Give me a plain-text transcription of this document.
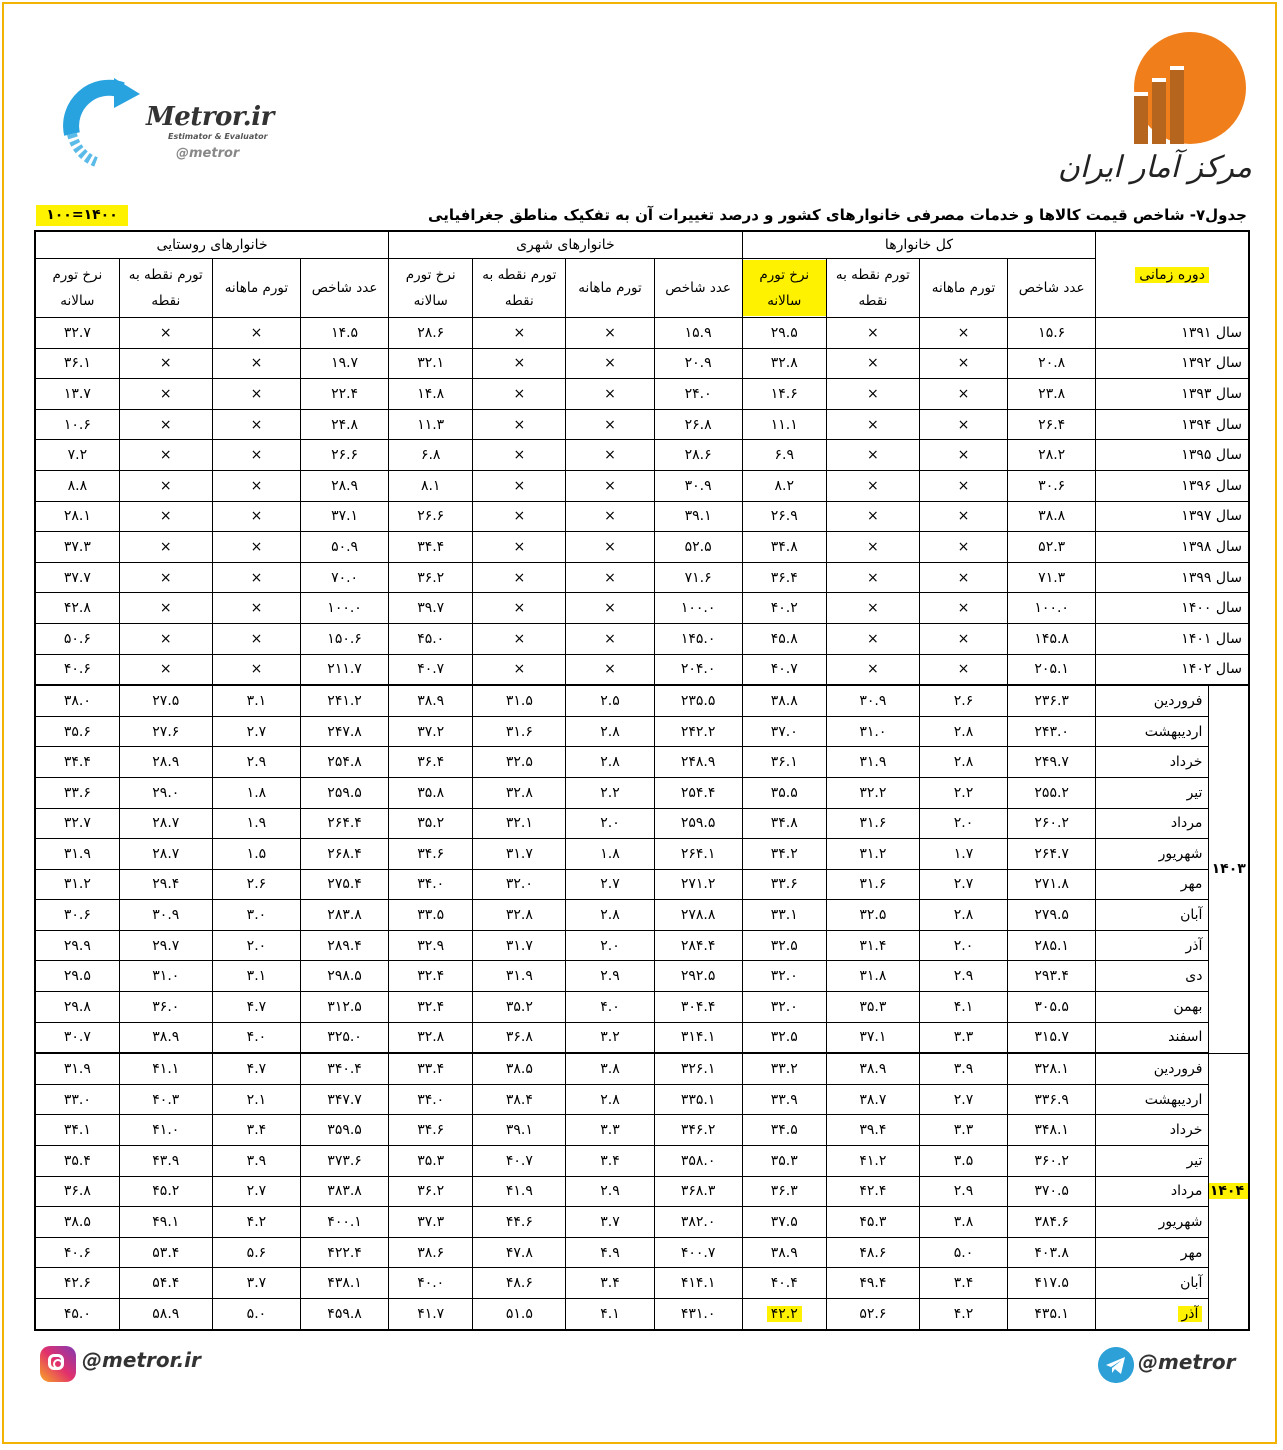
Metror.ir
Estimator & Evaluator
@metror	مرکز آمار ایران
جدول۷- شاخص قیمت کالاها و خدمات مصرفی خانوارهای کشور و درصد تغییرات آن به تفکیک مناطق جغرافیایی
۱۰۰=۱۴۰۰
دوره زمانی		کل خانوارها				خانوارهای شهری				خانوارهای روستایی			
		عدد شاخص	تورم ماهانه	تورم نقطه به نقطه	نرخ تورم سالانه	عدد شاخص	تورم ماهانه	تورم نقطه به نقطه	نرخ تورم سالانه	عدد شاخص	تورم ماهانه	تورم نقطه به نقطه	نرخ تورم سالانه
سال ۱۳۹۱		۱۵.۶	×	×	۲۹.۵	۱۵.۹	×	×	۲۸.۶	۱۴.۵	×	×	۳۲.۷
سال ۱۳۹۲		۲۰.۸	×	×	۳۲.۸	۲۰.۹	×	×	۳۲.۱	۱۹.۷	×	×	۳۶.۱
سال ۱۳۹۳		۲۳.۸	×	×	۱۴.۶	۲۴.۰	×	×	۱۴.۸	۲۲.۴	×	×	۱۳.۷
سال ۱۳۹۴		۲۶.۴	×	×	۱۱.۱	۲۶.۸	×	×	۱۱.۳	۲۴.۸	×	×	۱۰.۶
سال ۱۳۹۵		۲۸.۲	×	×	۶.۹	۲۸.۶	×	×	۶.۸	۲۶.۶	×	×	۷.۲
سال ۱۳۹۶		۳۰.۶	×	×	۸.۲	۳۰.۹	×	×	۸.۱	۲۸.۹	×	×	۸.۸
سال ۱۳۹۷		۳۸.۸	×	×	۲۶.۹	۳۹.۱	×	×	۲۶.۶	۳۷.۱	×	×	۲۸.۱
سال ۱۳۹۸		۵۲.۳	×	×	۳۴.۸	۵۲.۵	×	×	۳۴.۴	۵۰.۹	×	×	۳۷.۳
سال ۱۳۹۹		۷۱.۳	×	×	۳۶.۴	۷۱.۶	×	×	۳۶.۲	۷۰.۰	×	×	۳۷.۷
سال ۱۴۰۰		۱۰۰.۰	×	×	۴۰.۲	۱۰۰.۰	×	×	۳۹.۷	۱۰۰.۰	×	×	۴۲.۸
سال ۱۴۰۱		۱۴۵.۸	×	×	۴۵.۸	۱۴۵.۰	×	×	۴۵.۰	۱۵۰.۶	×	×	۵۰.۶
سال ۱۴۰۲		۲۰۵.۱	×	×	۴۰.۷	۲۰۴.۰	×	×	۴۰.۷	۲۱۱.۷	×	×	۴۰.۶
۱۴۰۳	فروردین	۲۳۶.۳	۲.۶	۳۰.۹	۳۸.۸	۲۳۵.۵	۲.۵	۳۱.۵	۳۸.۹	۲۴۱.۲	۳.۱	۲۷.۵	۳۸.۰
	اردیبهشت	۲۴۳.۰	۲.۸	۳۱.۰	۳۷.۰	۲۴۲.۲	۲.۸	۳۱.۶	۳۷.۲	۲۴۷.۸	۲.۷	۲۷.۶	۳۵.۶
	خرداد	۲۴۹.۷	۲.۸	۳۱.۹	۳۶.۱	۲۴۸.۹	۲.۸	۳۲.۵	۳۶.۴	۲۵۴.۸	۲.۹	۲۸.۹	۳۴.۴
	تیر	۲۵۵.۲	۲.۲	۳۲.۲	۳۵.۵	۲۵۴.۴	۲.۲	۳۲.۸	۳۵.۸	۲۵۹.۵	۱.۸	۲۹.۰	۳۳.۶
	مرداد	۲۶۰.۲	۲.۰	۳۱.۶	۳۴.۸	۲۵۹.۵	۲.۰	۳۲.۱	۳۵.۲	۲۶۴.۴	۱.۹	۲۸.۷	۳۲.۷
	شهریور	۲۶۴.۷	۱.۷	۳۱.۲	۳۴.۲	۲۶۴.۱	۱.۸	۳۱.۷	۳۴.۶	۲۶۸.۴	۱.۵	۲۸.۷	۳۱.۹
	مهر	۲۷۱.۸	۲.۷	۳۱.۶	۳۳.۶	۲۷۱.۲	۲.۷	۳۲.۰	۳۴.۰	۲۷۵.۴	۲.۶	۲۹.۴	۳۱.۲
	آبان	۲۷۹.۵	۲.۸	۳۲.۵	۳۳.۱	۲۷۸.۸	۲.۸	۳۲.۸	۳۳.۵	۲۸۳.۸	۳.۰	۳۰.۹	۳۰.۶
	آذر	۲۸۵.۱	۲.۰	۳۱.۴	۳۲.۵	۲۸۴.۴	۲.۰	۳۱.۷	۳۲.۹	۲۸۹.۴	۲.۰	۲۹.۷	۲۹.۹
	دی	۲۹۳.۴	۲.۹	۳۱.۸	۳۲.۰	۲۹۲.۵	۲.۹	۳۱.۹	۳۲.۴	۲۹۸.۵	۳.۱	۳۱.۰	۲۹.۵
	بهمن	۳۰۵.۵	۴.۱	۳۵.۳	۳۲.۰	۳۰۴.۴	۴.۰	۳۵.۲	۳۲.۴	۳۱۲.۵	۴.۷	۳۶.۰	۲۹.۸
	اسفند	۳۱۵.۷	۳.۳	۳۷.۱	۳۲.۵	۳۱۴.۱	۳.۲	۳۶.۸	۳۲.۸	۳۲۵.۰	۴.۰	۳۸.۹	۳۰.۷
۱۴۰۴	فروردین	۳۲۸.۱	۳.۹	۳۸.۹	۳۳.۲	۳۲۶.۱	۳.۸	۳۸.۵	۳۳.۴	۳۴۰.۴	۴.۷	۴۱.۱	۳۱.۹
	اردیبهشت	۳۳۶.۹	۲.۷	۳۸.۷	۳۳.۹	۳۳۵.۱	۲.۸	۳۸.۴	۳۴.۰	۳۴۷.۷	۲.۱	۴۰.۳	۳۳.۰
	خرداد	۳۴۸.۱	۳.۳	۳۹.۴	۳۴.۵	۳۴۶.۲	۳.۳	۳۹.۱	۳۴.۶	۳۵۹.۵	۳.۴	۴۱.۰	۳۴.۱
	تیر	۳۶۰.۲	۳.۵	۴۱.۲	۳۵.۳	۳۵۸.۰	۳.۴	۴۰.۷	۳۵.۳	۳۷۳.۶	۳.۹	۴۳.۹	۳۵.۴
	مرداد	۳۷۰.۵	۲.۹	۴۲.۴	۳۶.۳	۳۶۸.۳	۲.۹	۴۱.۹	۳۶.۲	۳۸۳.۸	۲.۷	۴۵.۲	۳۶.۸
	شهریور	۳۸۴.۶	۳.۸	۴۵.۳	۳۷.۵	۳۸۲.۰	۳.۷	۴۴.۶	۳۷.۳	۴۰۰.۱	۴.۲	۴۹.۱	۳۸.۵
	مهر	۴۰۳.۸	۵.۰	۴۸.۶	۳۸.۹	۴۰۰.۷	۴.۹	۴۷.۸	۳۸.۶	۴۲۲.۴	۵.۶	۵۳.۴	۴۰.۶
	آبان	۴۱۷.۵	۳.۴	۴۹.۴	۴۰.۴	۴۱۴.۱	۳.۴	۴۸.۶	۴۰.۰	۴۳۸.۱	۳.۷	۵۴.۴	۴۲.۶
	آذر	۴۳۵.۱	۴.۲	۵۲.۶	۴۲.۲	۴۳۱.۰	۴.۱	۵۱.۵	۴۱.۷	۴۵۹.۸	۵.۰	۵۸.۹	۴۵.۰
@metror.ir	@metror
